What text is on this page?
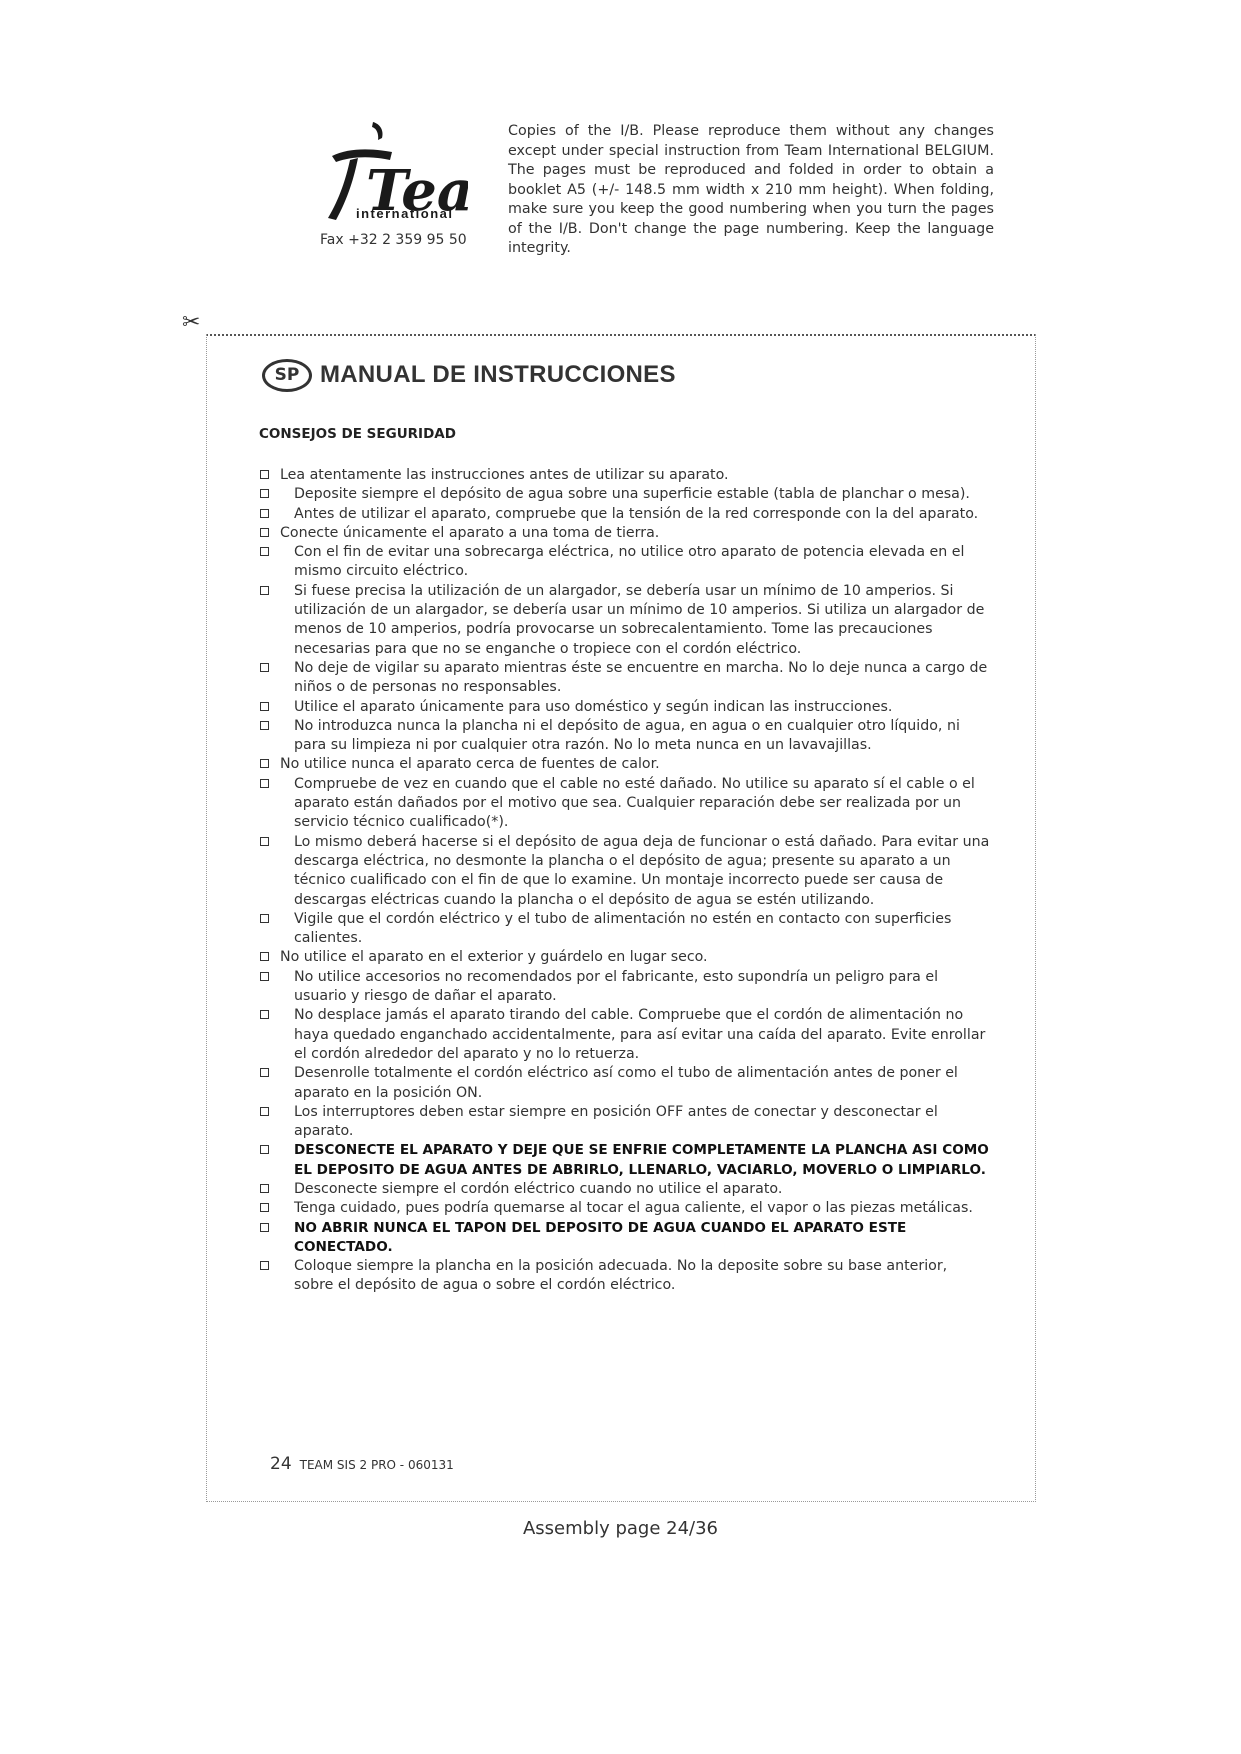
Te
international
Fax +32 2 359 95 50
Copies of the I/B. Please reproduce them without any changes except under special instruction from Team International BELGIUM. The pages must be reproduced and folded in order to obtain a booklet A5 (+/- 148.5 mm width x 210 mm height). When folding, make sure you keep the good numbering when you turn the pages of the I/B. Don't change the page numbering. Keep the language integrity.
✂
SP MANUAL DE INSTRUCCIONES
CONSEJOS DE SEGURIDAD
Lea atentamente las instrucciones antes de utilizar su aparato.
Deposite siempre el depósito de agua sobre una superficie estable (tabla de planchar o mesa).
Antes de utilizar el aparato, compruebe que la tensión de la red corresponde con la del aparato.
Conecte únicamente el aparato a una toma de tierra.
Con el fin de evitar una sobrecarga eléctrica, no utilice otro aparato de potencia elevada en el mismo circuito eléctrico.
Si fuese precisa la utilización de un alargador, se debería usar un mínimo de 10 amperios. Si utilización de un alargador, se debería usar un mínimo de 10 amperios. Si utiliza un alargador de menos de 10 amperios, podría provocarse un sobrecalentamiento. Tome las precauciones necesarias para que no se enganche o tropiece con el cordón eléctrico.
No deje de vigilar su aparato mientras éste se encuentre en marcha. No lo deje nunca a cargo de niños o de personas no responsables.
Utilice el aparato únicamente para uso doméstico y según indican las instrucciones.
No introduzca nunca la plancha ni el depósito de agua, en agua o en cualquier otro líquido, ni para su limpieza ni por cualquier otra razón. No lo meta nunca en un lavavajillas.
No utilice nunca el aparato cerca de fuentes de calor.
Compruebe de vez en cuando que el cable no esté dañado. No utilice su aparato sí el cable o el aparato están dañados por el motivo que sea. Cualquier reparación debe ser realizada por un servicio técnico cualificado(*).
Lo mismo deberá hacerse si el depósito de agua deja de funcionar o está dañado. Para evitar una descarga eléctrica, no desmonte la plancha o el depósito de agua; presente su aparato a un técnico cualificado con el fin de que lo examine. Un montaje incorrecto puede ser causa de descargas eléctricas cuando la plancha o el depósito de agua se estén utilizando.
Vigile que el cordón eléctrico y el tubo de alimentación no estén en contacto con superficies calientes.
No utilice el aparato en el exterior y guárdelo en lugar seco.
No utilice accesorios no recomendados por el fabricante, esto supondría un peligro para el usuario y riesgo de dañar el aparato.
No desplace jamás el aparato tirando del cable. Compruebe que el cordón de alimentación no haya quedado enganchado accidentalmente, para así evitar una caída del aparato. Evite enrollar el cordón alrededor del aparato y no lo retuerza.
Desenrolle totalmente el cordón eléctrico así como el tubo de alimentación antes de poner el aparato en la posición ON.
Los interruptores deben estar siempre en posición OFF antes de conectar y desconectar el aparato.
DESCONECTE EL APARATO Y DEJE QUE SE ENFRIE COMPLETAMENTE LA PLANCHA ASI COMO EL DEPOSITO DE AGUA ANTES DE ABRIRLO, LLENARLO, VACIARLO, MOVERLO O LIMPIARLO.
Desconecte siempre el cordón eléctrico cuando no utilice el aparato.
Tenga cuidado, pues podría quemarse al tocar el agua caliente, el vapor o las piezas metálicas.
NO ABRIR NUNCA EL TAPON DEL DEPOSITO DE AGUA CUANDO EL APARATO ESTE CONECTADO.
Coloque siempre la plancha en la posición adecuada. No la deposite sobre su base anterior, sobre el depósito de agua o sobre el cordón eléctrico.
24 TEAM SIS 2 PRO - 060131
Assembly page 24/36
